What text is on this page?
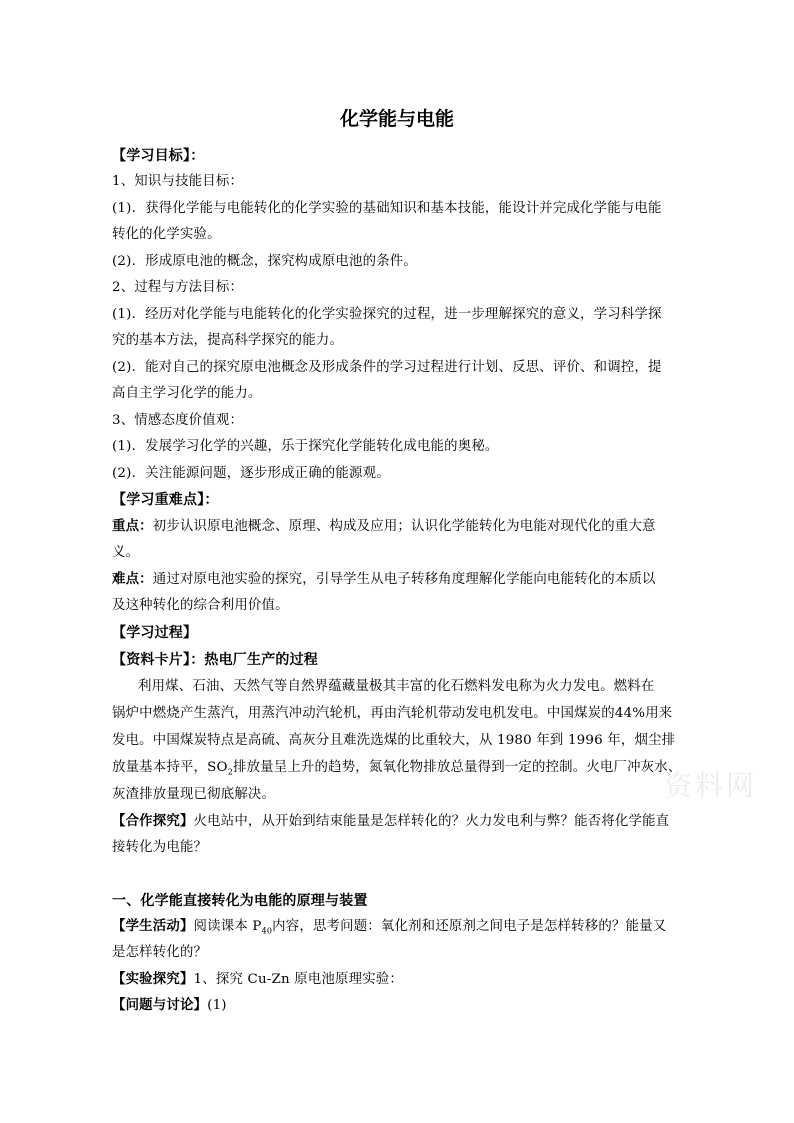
化学能与电能
【学习目标】：
1、知识与技能目标：
(1)．获得化学能与电能转化的化学实验的基础知识和基本技能，能设计并完成化学能与电能
转化的化学实验。
(2)．形成原电池的概念，探究构成原电池的条件。
2、过程与方法目标：
(1)．经历对化学能与电能转化的化学实验探究的过程，进一步理解探究的意义，学习科学探
究的基本方法，提高科学探究的能力。
(2)．能对自己的探究原电池概念及形成条件的学习过程进行计划、反思、评价、和调控，提
高自主学习化学的能力。
3、情感态度价值观：
(1)．发展学习化学的兴趣，乐于探究化学能转化成电能的奥秘。
(2)．关注能源问题，逐步形成正确的能源观。
【学习重难点】：
重点：初步认识原电池概念、原理、构成及应用；认识化学能转化为电能对现代化的重大意
义。
难点：通过对原电池实验的探究，引导学生从电子转移角度理解化学能向电能转化的本质以
及这种转化的综合利用价值。
【学习过程】
【资料卡片】：热电厂生产的过程
利用煤、石油、天然气等自然界蕴藏量极其丰富的化石燃料发电称为火力发电。燃料在
锅炉中燃烧产生蒸汽，用蒸汽冲动汽轮机，再由汽轮机带动发电机发电。中国煤炭的44%用来
发电。中国煤炭特点是高硫、高灰分且难洗选煤的比重较大，从 1980 年到 1996 年，烟尘排
放量基本持平，$SO_2$排放量呈上升的趋势，氮氧化物排放总量得到一定的控制。火电厂冲灰水、
灰渣排放量现已彻底解决。
【合作探究】火电站中，从开始到结束能量是怎样转化的？火力发电利与弊？能否将化学能直
接转化为电能？
一、化学能直接转化为电能的原理与装置
【学生活动】阅读课本 $P_{40}$内容，思考问题：氧化剂和还原剂之间电子是怎样转移的？能量又
是怎样转化的？
【实验探究】1、探究 Cu-Zn 原电池原理实验：
【问题与讨论】(1)
资料网
